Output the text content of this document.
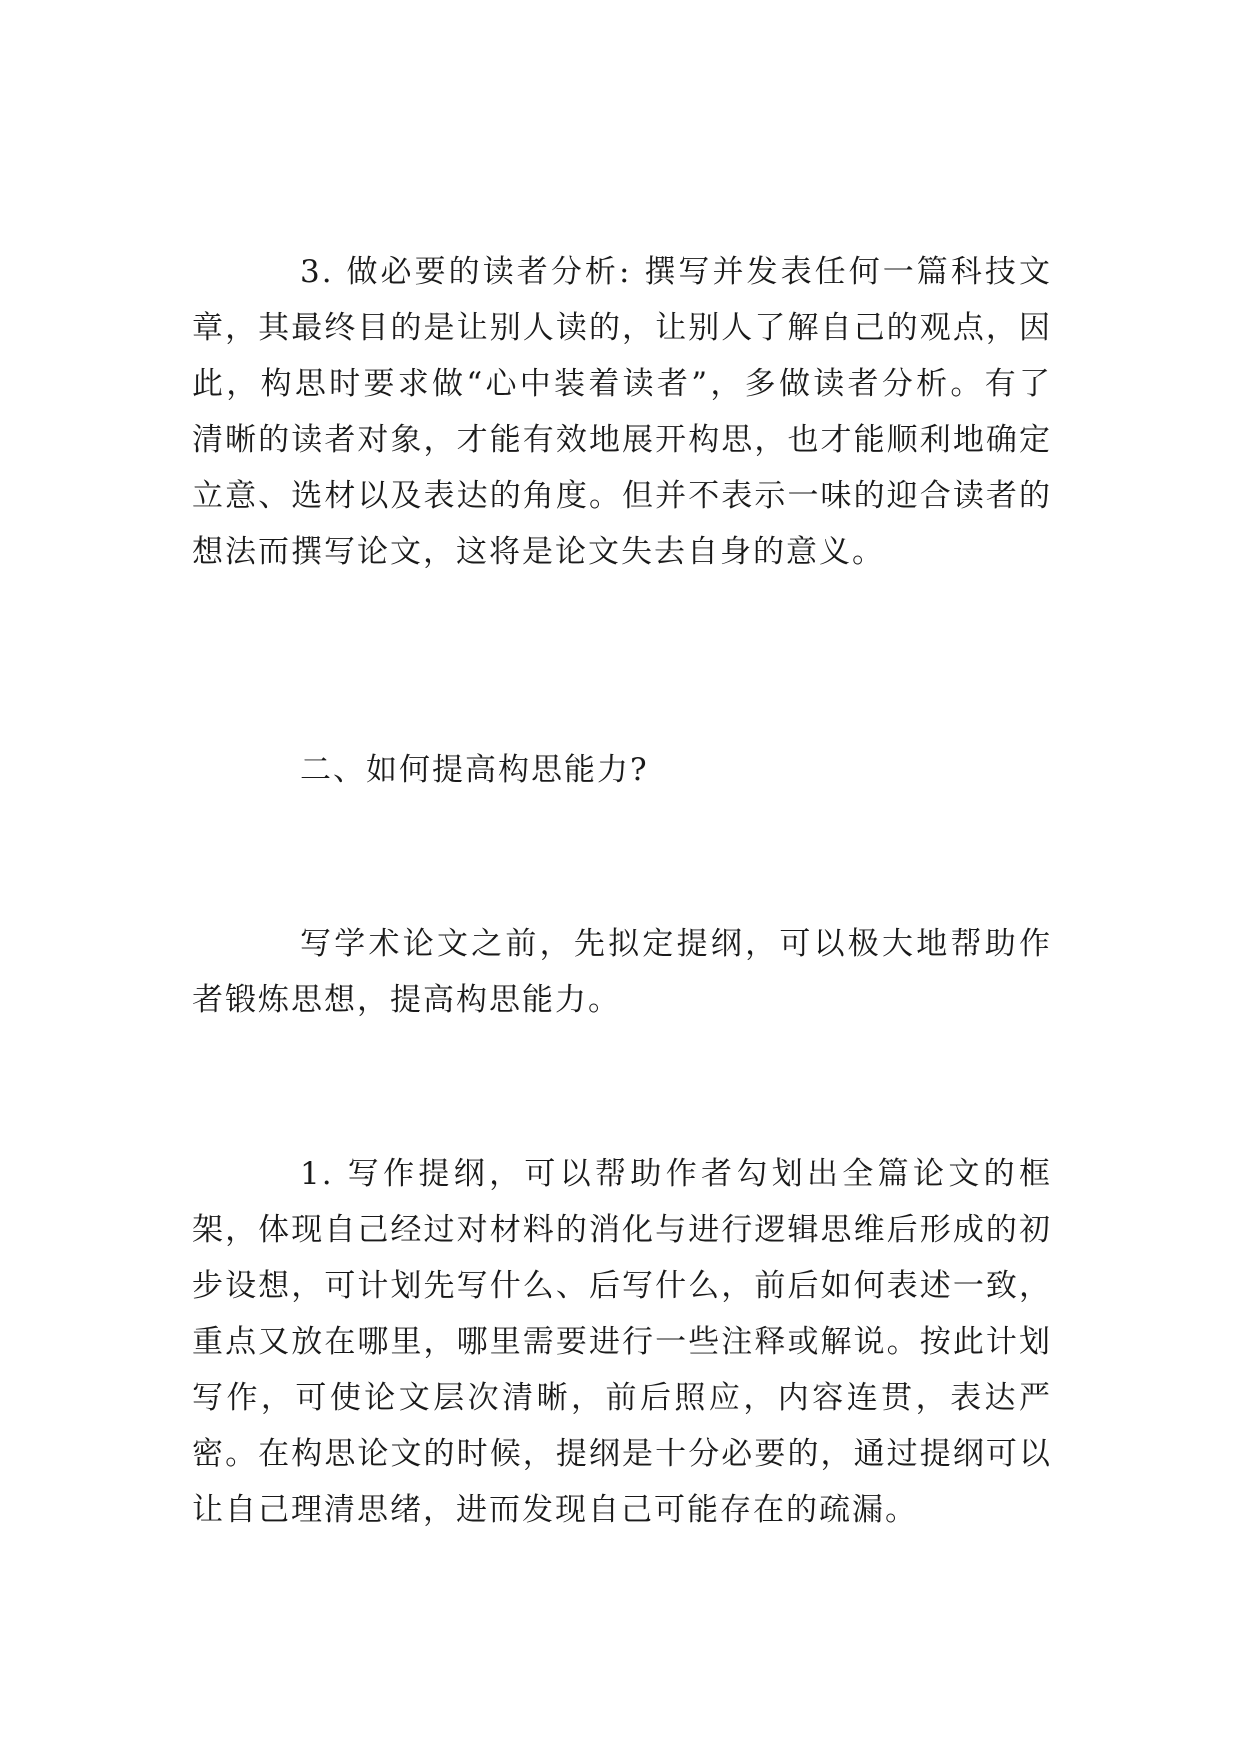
3. 做必要的读者分析: 撰写并发表任何一篇科技文章，其最终目的是让别人读的，让别人了解自己的观点，因此，构思时要求做“心中装着读者”，多做读者分析。有了清晰的读者对象，才能有效地展开构思，也才能顺利地确定立意、选材以及表达的角度。但并不表示一味的迎合读者的想法而撰写论文，这将是论文失去自身的意义。

二、如何提高构思能力?

写学术论文之前，先拟定提纲，可以极大地帮助作者锻炼思想，提高构思能力。

1. 写作提纲，可以帮助作者勾划出全篇论文的框架，体现自己经过对材料的消化与进行逻辑思维后形成的初步设想，可计划先写什么、后写什么，前后如何表述一致，重点又放在哪里，哪里需要进行一些注释或解说。按此计划写作，可使论文层次清晰，前后照应，内容连贯，表达严密。在构思论文的时候，提纲是十分必要的，通过提纲可以让自己理清思绪，进而发现自己可能存在的疏漏。
